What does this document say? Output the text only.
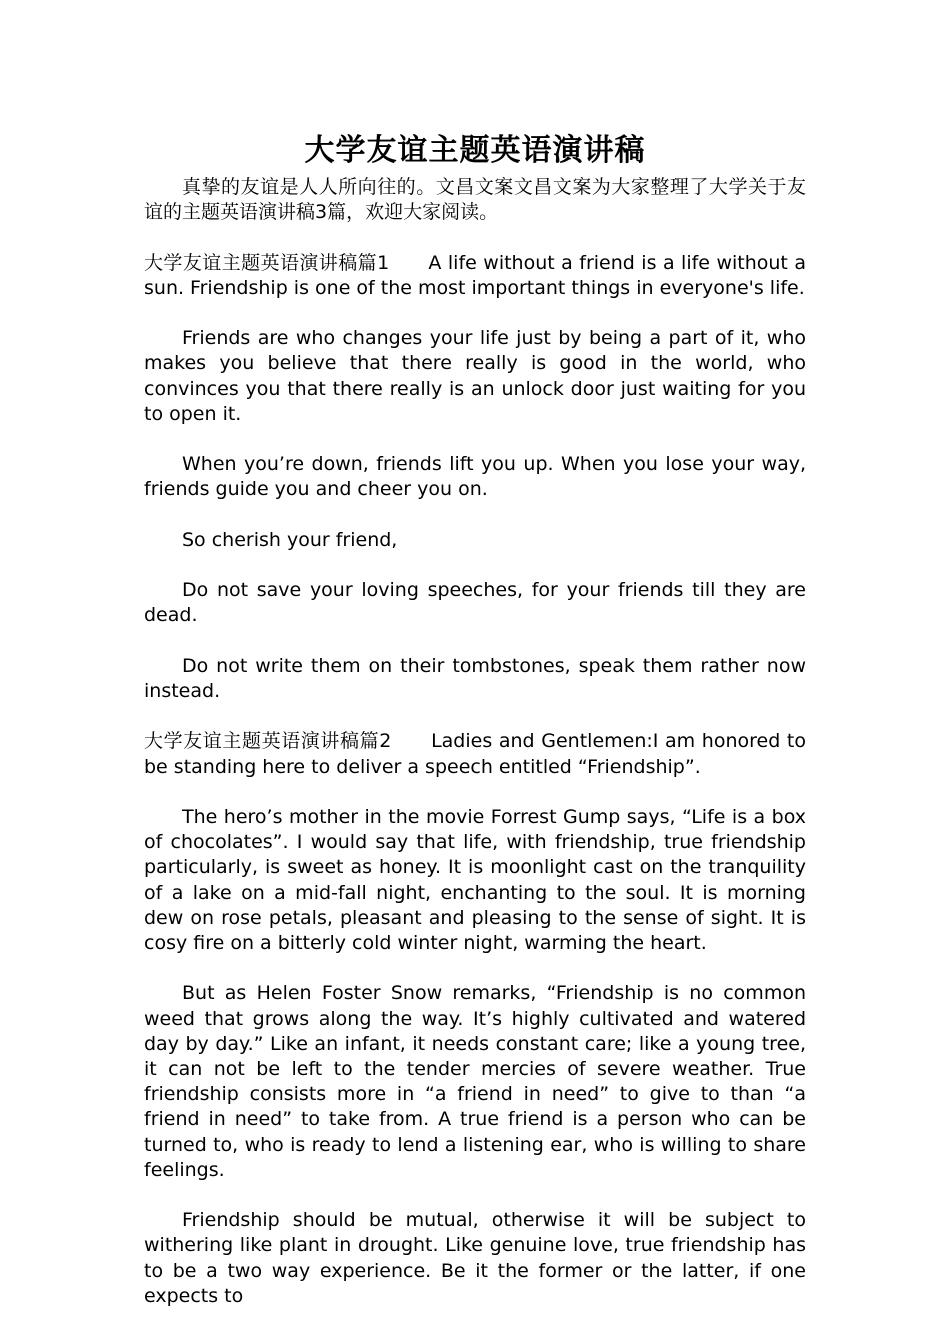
大学友谊主题英语演讲稿

真挚的友谊是人人所向往的。文昌文案文昌文案为大家整理了大学关于友谊的主题英语演讲稿3篇，欢迎大家阅读。

大学友谊主题英语演讲稿篇1　　A life without a friend is a life without a sun. Friendship is one of the most important things in everyone's life.

Friends are who changes your life just by being a part of it, who makes you believe that there really is good in the world, who convinces you that there really is an unlock door just waiting for you to open it.

When you’re down, friends lift you up. When you lose your way, friends guide you and cheer you on.

So cherish your friend,

Do not save your loving speeches, for your friends till they are dead.

Do not write them on their tombstones, speak them rather now instead.

大学友谊主题英语演讲稿篇2　　Ladies and Gentlemen:I am honored to be standing here to deliver a speech entitled “Friendship”.

The hero’s mother in the movie Forrest Gump says, “Life is a box of chocolates”. I would say that life, with friendship, true friendship particularly, is sweet as honey. It is moonlight cast on the tranquility of a lake on a mid-fall night, enchanting to the soul. It is morning dew on rose petals, pleasant and pleasing to the sense of sight. It is cosy fire on a bitterly cold winter night, warming the heart.

But as Helen Foster Snow remarks, “Friendship is no common weed that grows along the way. It’s highly cultivated and watered day by day.” Like an infant, it needs constant care; like a young tree, it can not be left to the tender mercies of severe weather. True friendship consists more in “a friend in need” to give to than “a friend in need” to take from. A true friend is a person who can be turned to, who is ready to lend a listening ear, who is willing to share feelings.

Friendship should be mutual, otherwise it will be subject to withering like plant in drought. Like genuine love, true friendship has to be a two way experience. Be it the former or the latter, if one expects to
